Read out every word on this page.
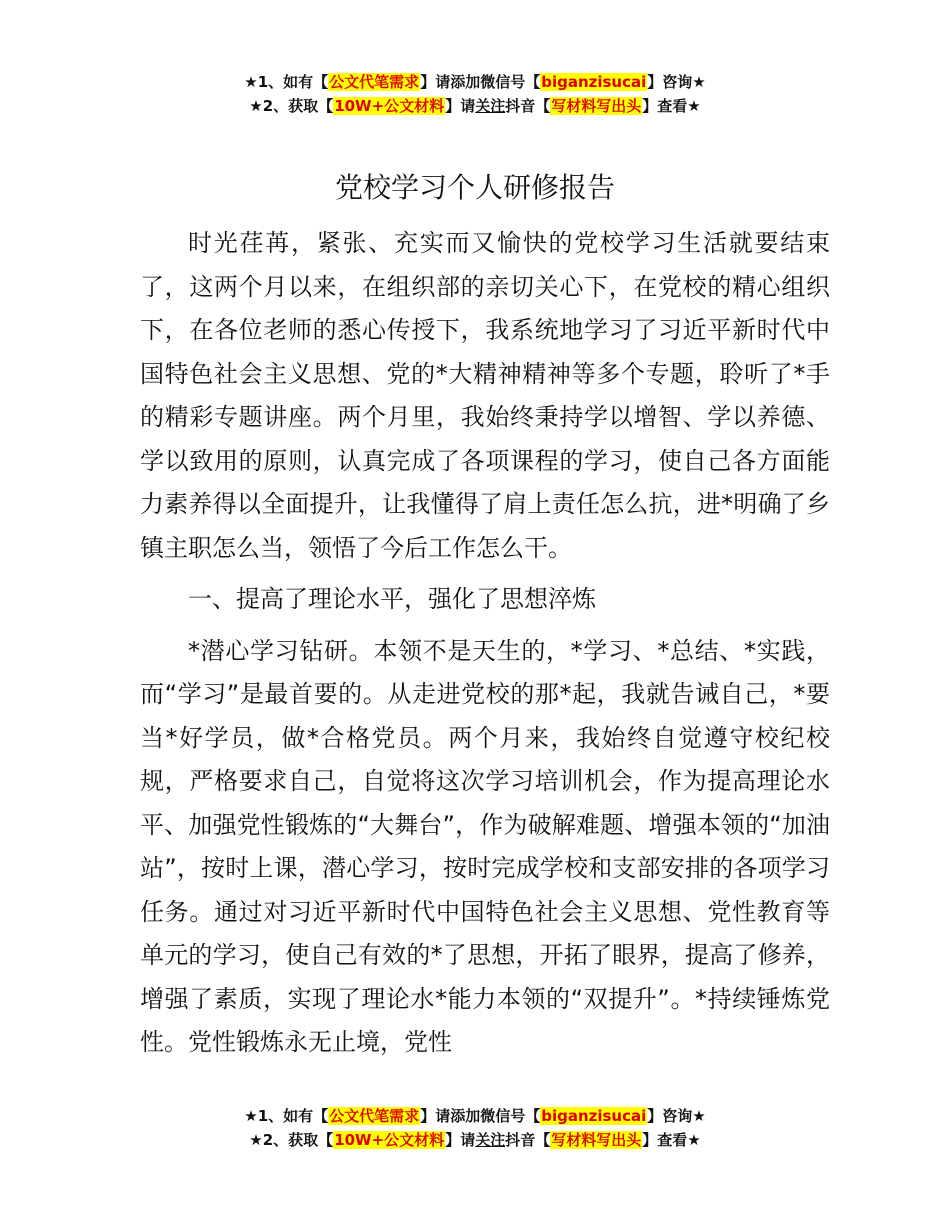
★1、如有【公文代笔需求】请添加微信号【biganzisucai】咨询★
★2、获取【10W+公文材料】请关注抖音【写材料写出头】查看★
党校学习个人研修报告

时光荏苒，紧张、充实而又愉快的党校学习生活就要结束了，这两个月以来，在组织部的亲切关心下，在党校的精心组织下，在各位老师的悉心传授下，我系统地学习了习近平新时代中国特色社会主义思想、党的*大精神精神等多个专题，聆听了*手的精彩专题讲座。两个月里，我始终秉持学以增智、学以养德、学以致用的原则，认真完成了各项课程的学习，使自己各方面能力素养得以全面提升，让我懂得了肩上责任怎么抗，进*明确了乡镇主职怎么当，领悟了今后工作怎么干。

一、提高了理论水平，强化了思想淬炼

*潜心学习钻研。本领不是天生的，*学习、*总结、*实践，而“学习”是最首要的。从走进党校的那*起，我就告诫自己，*要当*好学员，做*合格党员。两个月来，我始终自觉遵守校纪校规，严格要求自己，自觉将这次学习培训机会，作为提高理论水平、加强党性锻炼的“大舞台”，作为破解难题、增强本领的“加油站”，按时上课，潜心学习，按时完成学校和支部安排的各项学习任务。通过对习近平新时代中国特色社会主义思想、党性教育等单元的学习，使自己有效的*了思想，开拓了眼界，提高了修养，增强了素质，实现了理论水*能力本领的“双提升”。*持续锤炼党性。党性锻炼永无止境，党性

★1、如有【公文代笔需求】请添加微信号【biganzisucai】咨询★
★2、获取【10W+公文材料】请关注抖音【写材料写出头】查看★
